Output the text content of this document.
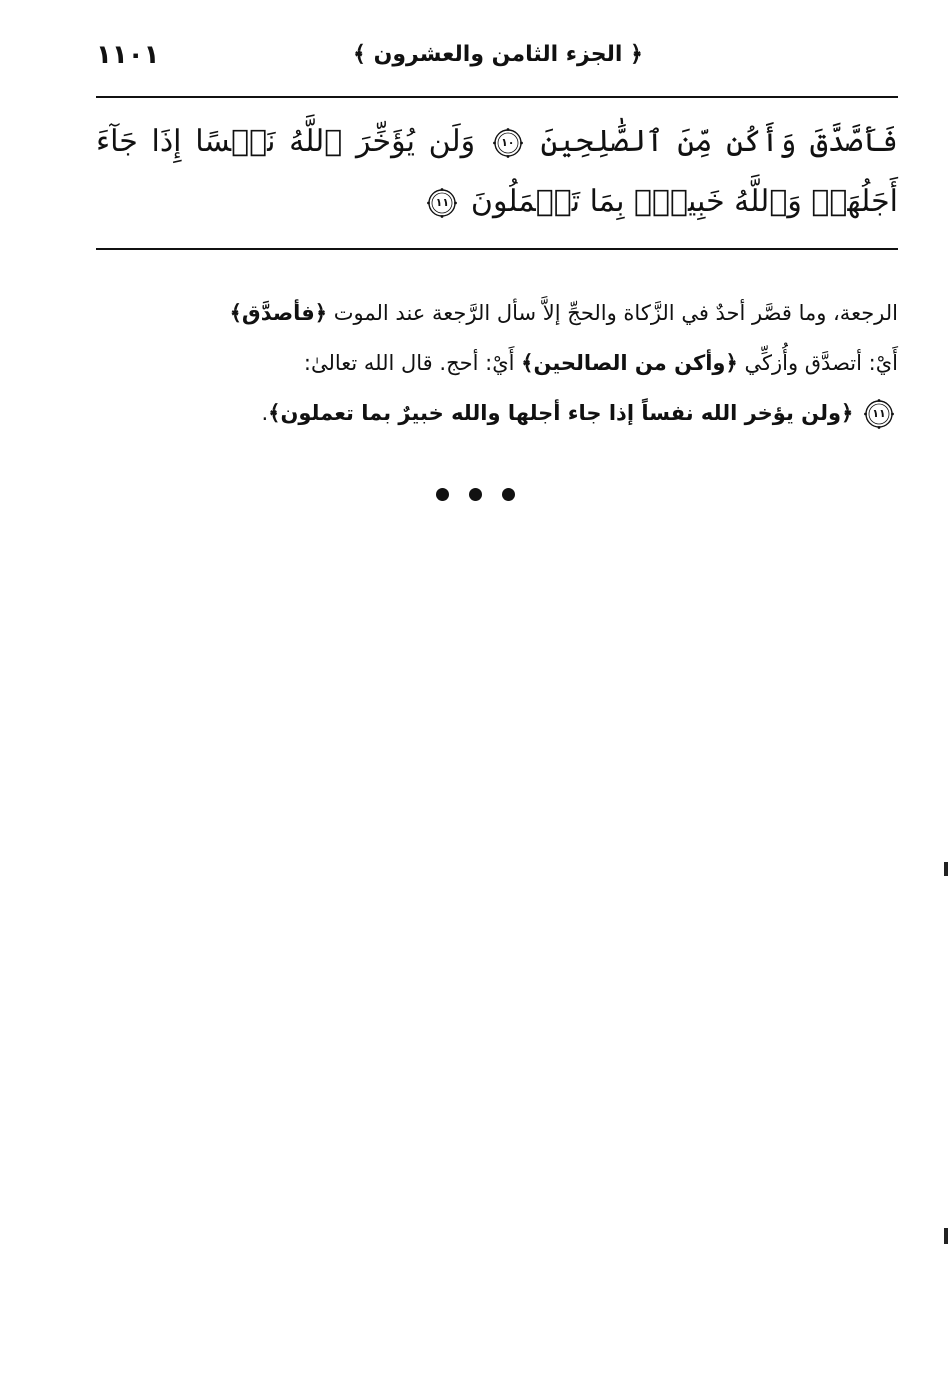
١١٠١	﴿ الجزء الثامن والعشرون ﴾
فَأَصَّدَّقَ وَأَكُن مِّنَ ٱلصَّٰلِحِينَ
١٠
وَلَن يُؤَخِّرَ ٱللَّهُ نَفۡسًا إِذَا جَآءَ أَجَلُهَاۚ وَٱللَّهُ خَبِيرُۢ بِمَا تَعۡمَلُونَ
١١
الرجعة، وما قصَّر أحدٌ في الزَّكاة والحجِّ إلاَّ سأل الرَّجعة عند الموت ﴿فأصدَّق﴾
أَيْ: أتصدَّق وأُزكِّي ﴿وأكن من الصالحين﴾ أَيْ: أحج. قال الله تعالىٰ:
١١
﴿ولن يؤخر الله نفساً إذا جاء أجلها والله خبيرٌ بما تعملون﴾.
